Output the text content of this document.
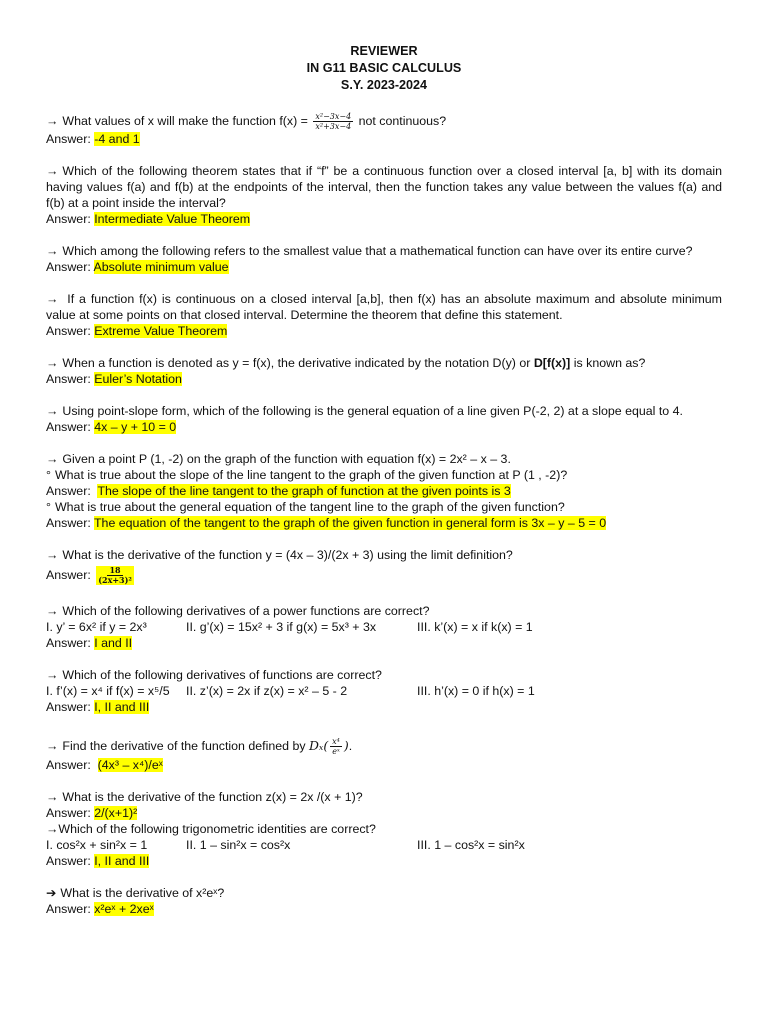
REVIEWER
IN G11 BASIC CALCULUS
S.Y. 2023-2024

→ What values of x will make the function $f(x) = \frac{\text{x²−3x−4}}{\text{x²+3x−4}}$ not continuous?

Answer: -4 and 1

→ Which of the following theorem states that if “f” be a continuous function over a closed interval [a, b] with its domain having values f(a) and f(b) at the endpoints of the interval, then the function takes any value between the values f(a) and f(b) at a point inside the interval?

Answer: Intermediate Value Theorem

→ Which among the following refers to the smallest value that a mathematical function can have over its entire curve?

Answer: Absolute minimum value

→ If a function f(x) is continuous on a closed interval [a,b], then f(x) has an absolute maximum and absolute minimum value at some points on that closed interval. Determine the theorem that define this statement.

Answer: Extreme Value Theorem

→ When a function is denoted as y = f(x), the derivative indicated by the notation D(y) or D[f(x)] is known as?

Answer: Euler’s Notation

→ Using point-slope form, which of the following is the general equation of a line given P(-2, 2) at a slope equal to 4.

Answer: 4x – y + 10 = 0

→ Given a point P (1, -2) on the graph of the function with equation f(x) = 2x² – x – 3.

° What is true about the slope of the line tangent to the graph of the given function at P (1 , -2)?

Answer: The slope of the line tangent to the graph of function at the given points is 3

° What is true about the general equation of the tangent line to the graph of the given function?

Answer: The equation of the tangent to the graph of the given function in general form is 3x – y – 5 = 0

→ What is the derivative of the function y = (4x – 3)/(2x + 3) using the limit definition?

Answer: $\frac{18}{\text{(2x+3)²}}$

→ Which of the following derivatives of a power functions are correct?

I. y’ = 6x² if y = 2x³	II. g’(x) = 15x² + 3 if g(x) = 5x³ + 3x	III. k’(x) = x if k(x) = 1

Answer: I and II

→ Which of the following derivatives of functions are correct?

I. f’(x) = x⁴ if f(x) = x⁵/5	II. z’(x) = 2x if z(x) = x² – 5 - 2	III. h’(x) = 0 if h(x) = 1

Answer: I, II and III

→ Find the derivative of the function defined by $D_x( \frac{\text{x⁴}}{\text{eˣ}}$ ).

Answer: (4x³ – x⁴)/eˣ

→ What is the derivative of the function z(x) = 2x /(x + 1)?

Answer: 2/(x+1)²

→Which of the following trigonometric identities are correct?

I. cos²x + sin²x = 1	II. 1 – sin²x = cos²x	III. 1 – cos²x = sin²x

Answer: I, II and III

➔ What is the derivative of x²eˣ?

Answer: x²eˣ + 2xeˣ
